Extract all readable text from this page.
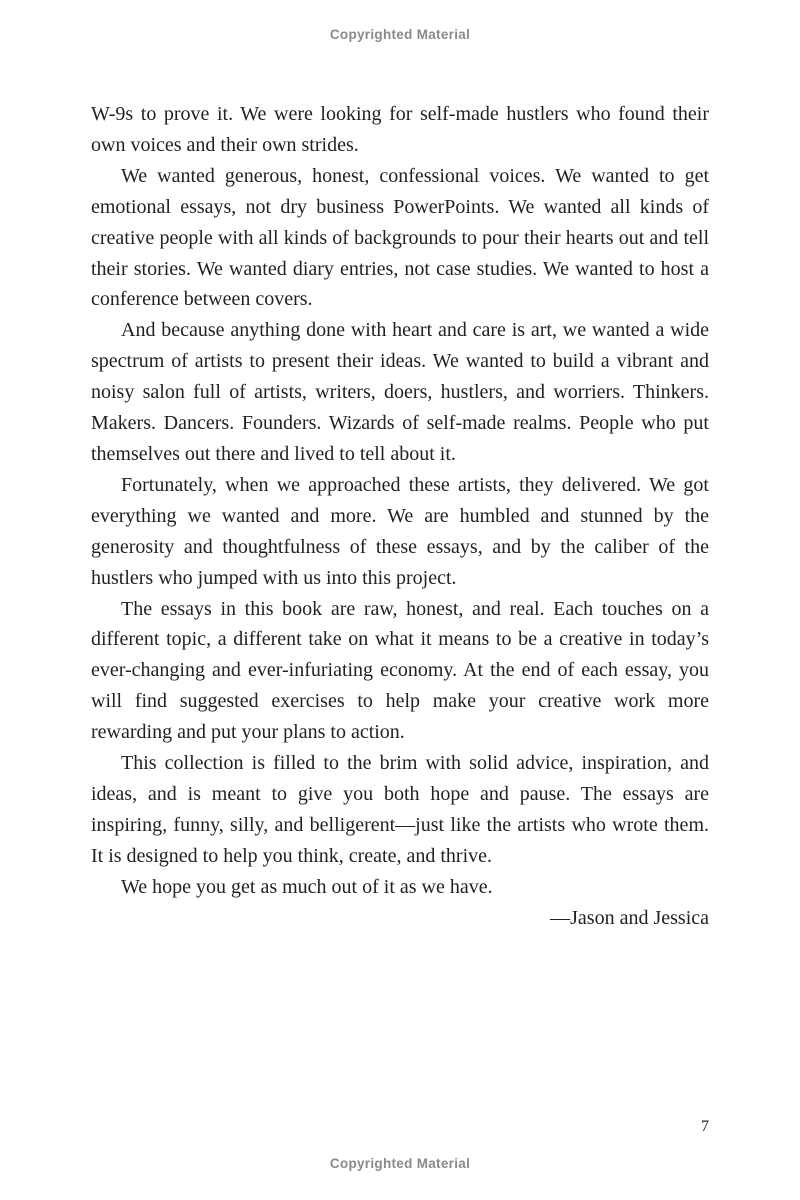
Copyrighted Material

W-9s to prove it. We were looking for self-made hustlers who found their own voices and their own strides.

We wanted generous, honest, confessional voices. We wanted to get emotional essays, not dry business PowerPoints. We wanted all kinds of creative people with all kinds of backgrounds to pour their hearts out and tell their stories. We wanted diary entries, not case studies. We wanted to host a conference between covers.

And because anything done with heart and care is art, we wanted a wide spectrum of artists to present their ideas. We wanted to build a vibrant and noisy salon full of artists, writers, doers, hustlers, and worriers. Thinkers. Makers. Dancers. Founders. Wizards of self-made realms. People who put themselves out there and lived to tell about it.

Fortunately, when we approached these artists, they delivered. We got everything we wanted and more. We are humbled and stunned by the generosity and thoughtfulness of these essays, and by the caliber of the hustlers who jumped with us into this project.

The essays in this book are raw, honest, and real. Each touches on a different topic, a different take on what it means to be a creative in today’s ever-changing and ever-infuriating economy. At the end of each essay, you will find suggested exercises to help make your creative work more rewarding and put your plans to action.

This collection is filled to the brim with solid advice, inspiration, and ideas, and is meant to give you both hope and pause. The essays are inspiring, funny, silly, and belligerent—just like the artists who wrote them. It is designed to help you think, create, and thrive.

We hope you get as much out of it as we have.

—Jason and Jessica

7
Copyrighted Material
